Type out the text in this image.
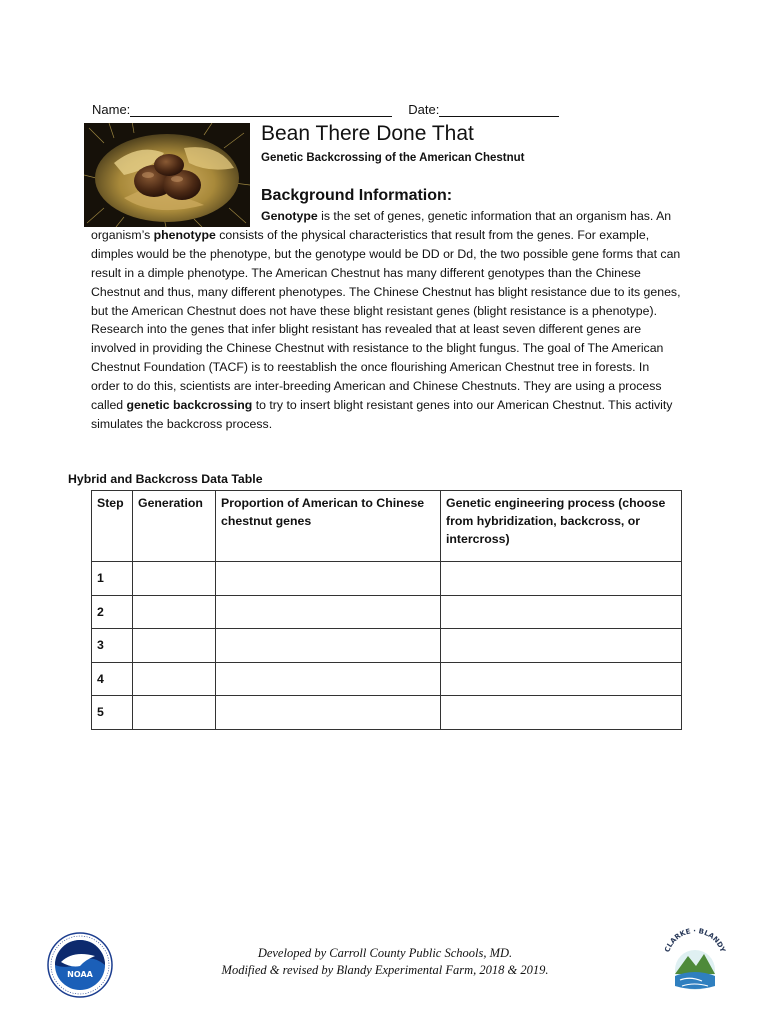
Name:	Date:
Bean There Done That

Genetic Backcrossing of the American Chestnut

Background Information:

Genotype is the set of genes, genetic information that an organism has. An organism’s phenotype consists of the physical characteristics that result from the genes. For example, dimples would be the phenotype, but the genotype would be DD or Dd, the two possible gene forms that can result in a dimple phenotype. The American Chestnut has many different genotypes than the Chinese Chestnut and thus, many different phenotypes. The Chinese Chestnut has blight resistance due to its genes, but the American Chestnut does not have these blight resistant genes (blight resistance is a phenotype). Research into the genes that infer blight resistant has revealed that at least seven different genes are involved in providing the Chinese Chestnut with resistance to the blight fungus. The goal of The American Chestnut Foundation (TACF) is to reestablish the once flourishing American Chestnut tree in forests. In order to do this, scientists are inter-breeding American and Chinese Chestnuts. They are using a process called genetic backcrossing to try to insert blight resistant genes into our American Chestnut. This activity simulates the backcross process.

Hybrid and Backcross Data Table

Step	Generation	Proportion of American to Chinese chestnut genes	Genetic engineering process (choose from hybridization, backcross, or intercross)
1			
2			
3			
4			
5			
NOAA
Developed by Carroll County Public Schools, MD.
Modified & revised by Blandy Experimental Farm, 2018 & 2019.
CLARKE · BLANDY
